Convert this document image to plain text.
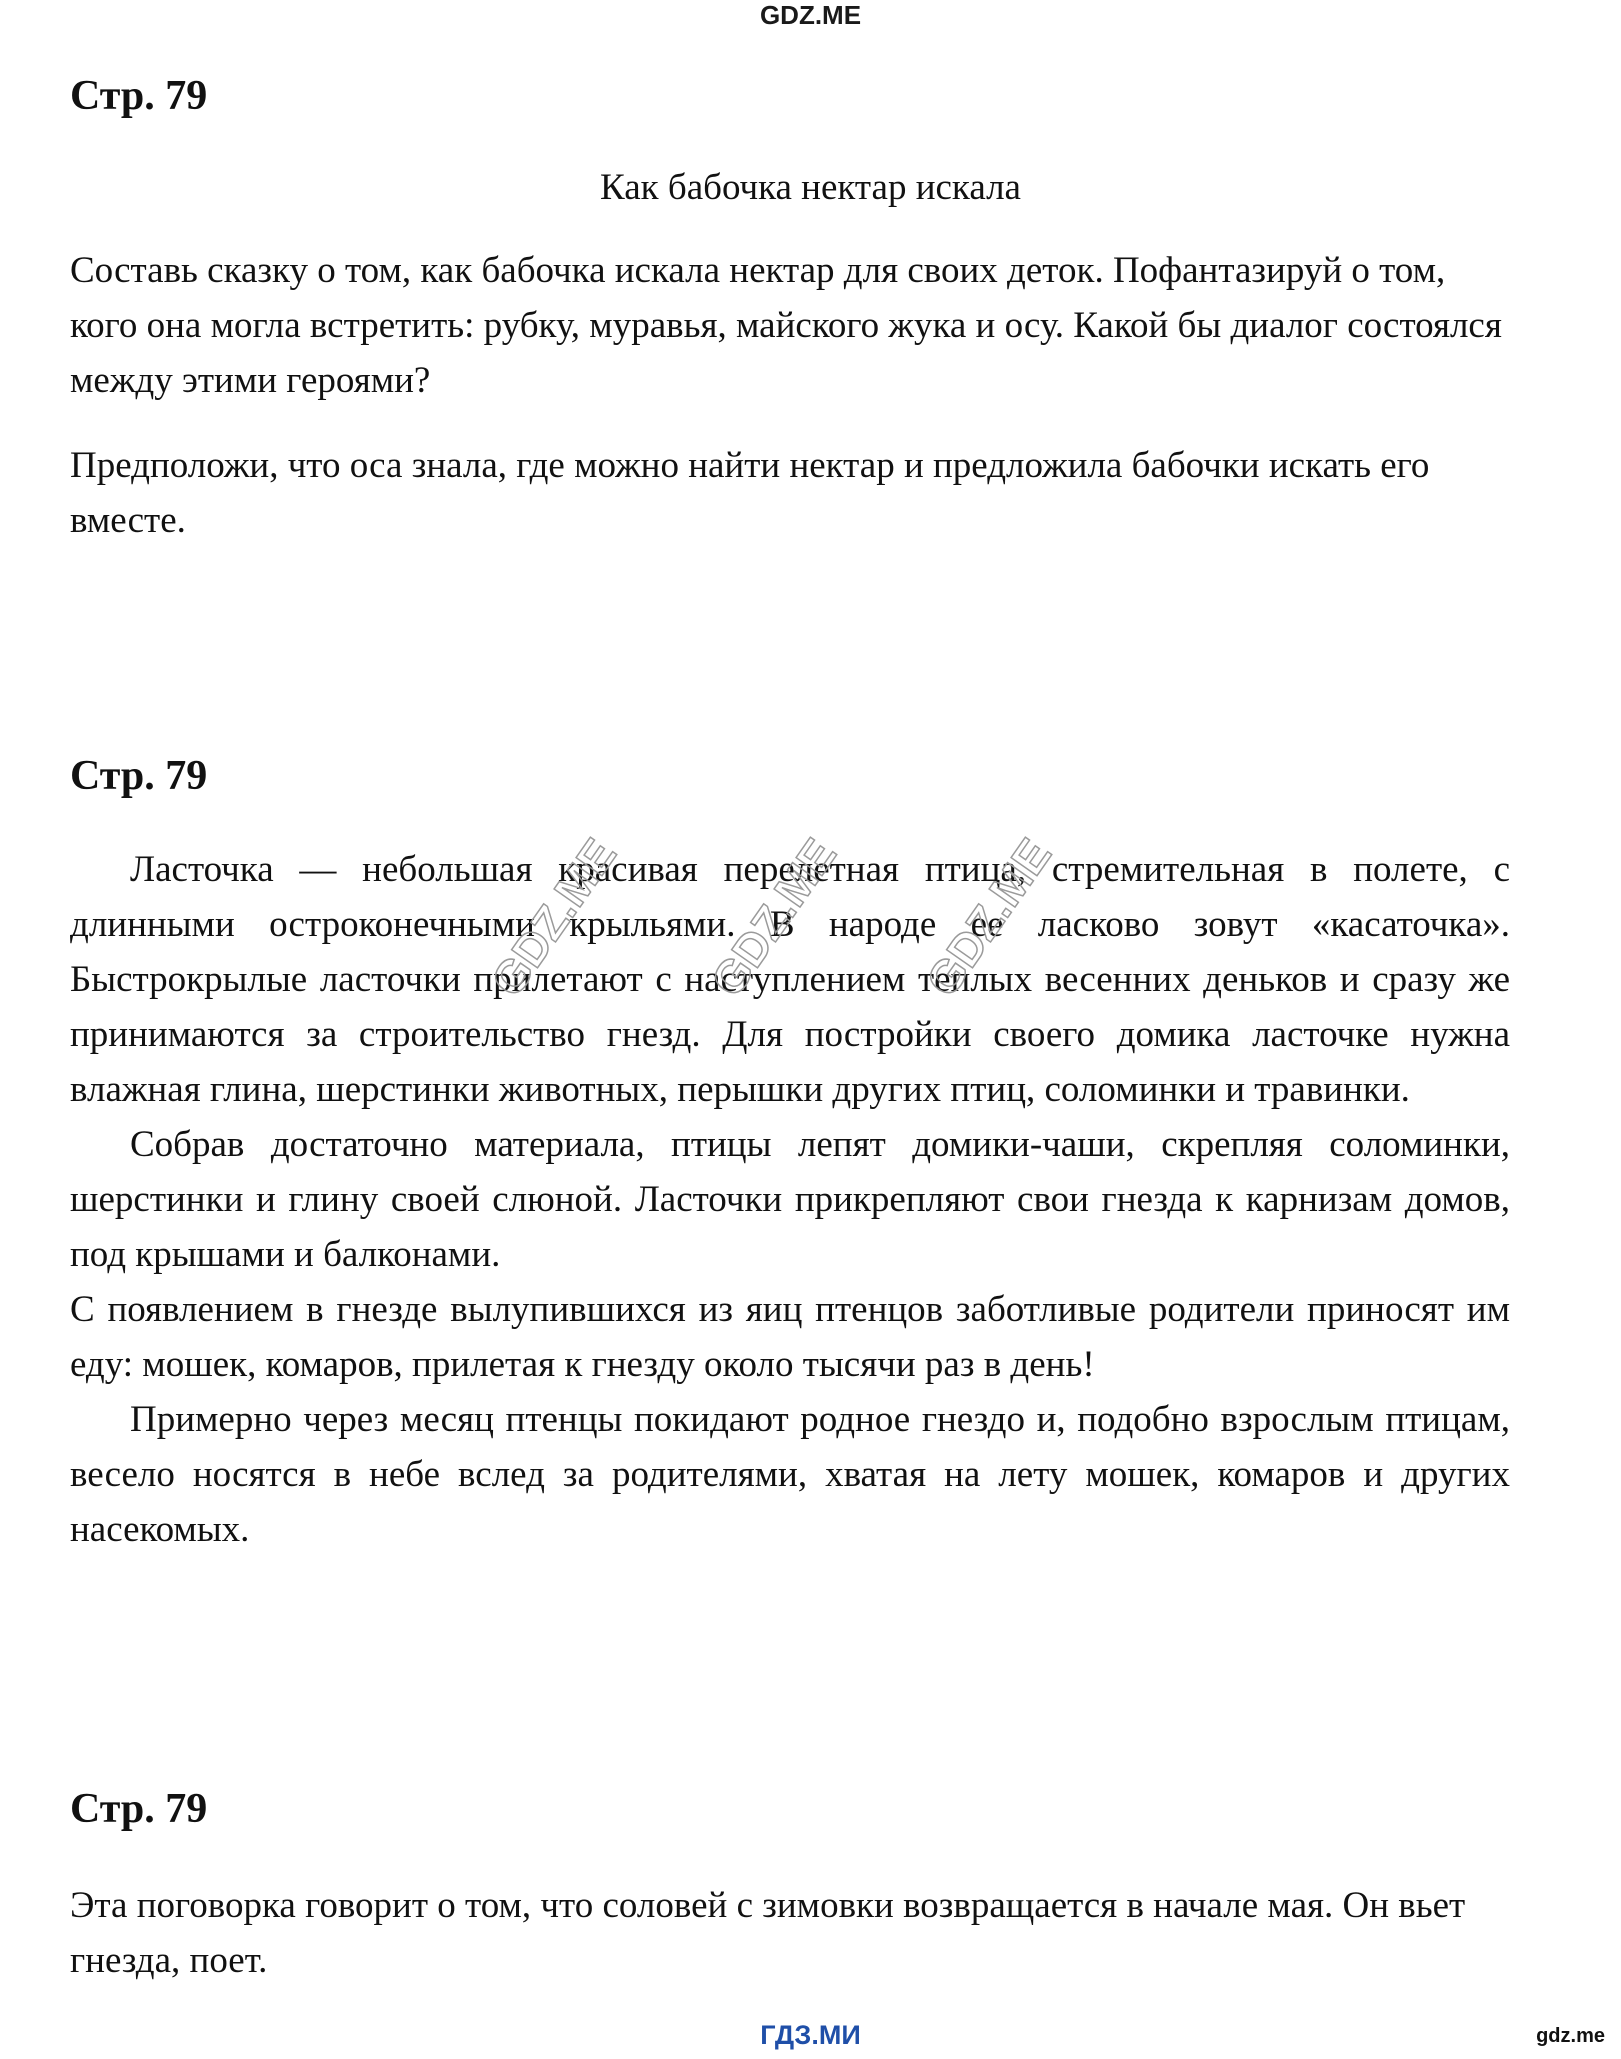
GDZ.ME
Стр. 79
Как бабочка нектар искала

Составь сказку о том, как бабочка искала нектар для своих деток. Пофантазируй о том, кого она могла встретить: рубку, муравья, майского жука и осу. Какой бы диалог состоялся между этими героями?

Предположи, что оса знала, где можно найти нектар и предложила бабочки искать его вместе.

Стр. 79

Ласточка — небольшая красивая перелетная птица, стремительная в полете, с длинными остроконечными крыльями. В народе ее ласково зовут «касаточка». Быстрокрылые ласточки прилетают с наступлением теплых весенних деньков и сразу же принимаются за строительство гнезд. Для постройки своего домика ласточке нужна влажная глина, шерстинки животных, перышки других птиц, соломинки и травинки.

Собрав достаточно материала, птицы лепят домики-чаши, скрепляя соломинки, шерстинки и глину своей слюной. Ласточки прикрепляют свои гнезда к карнизам домов, под крышами и балконами.

С появлением в гнезде вылупившихся из яиц птенцов заботливые родители приносят им еду: мошек, комаров, прилетая к гнезду около тысячи раз в день!

Примерно через месяц птенцы покидают родное гнездо и, подобно взрослым птицам, весело носятся в небе вслед за родителями, хватая на лету мошек, комаров и других насекомых.

GDZ.ME GDZ.ME GDZ.ME
Стр. 79

Эта поговорка говорит о том, что соловей с зимовки возвращается в начале мая. Он вьет гнезда, поет.

ГДЗ.МИ	gdz.me
